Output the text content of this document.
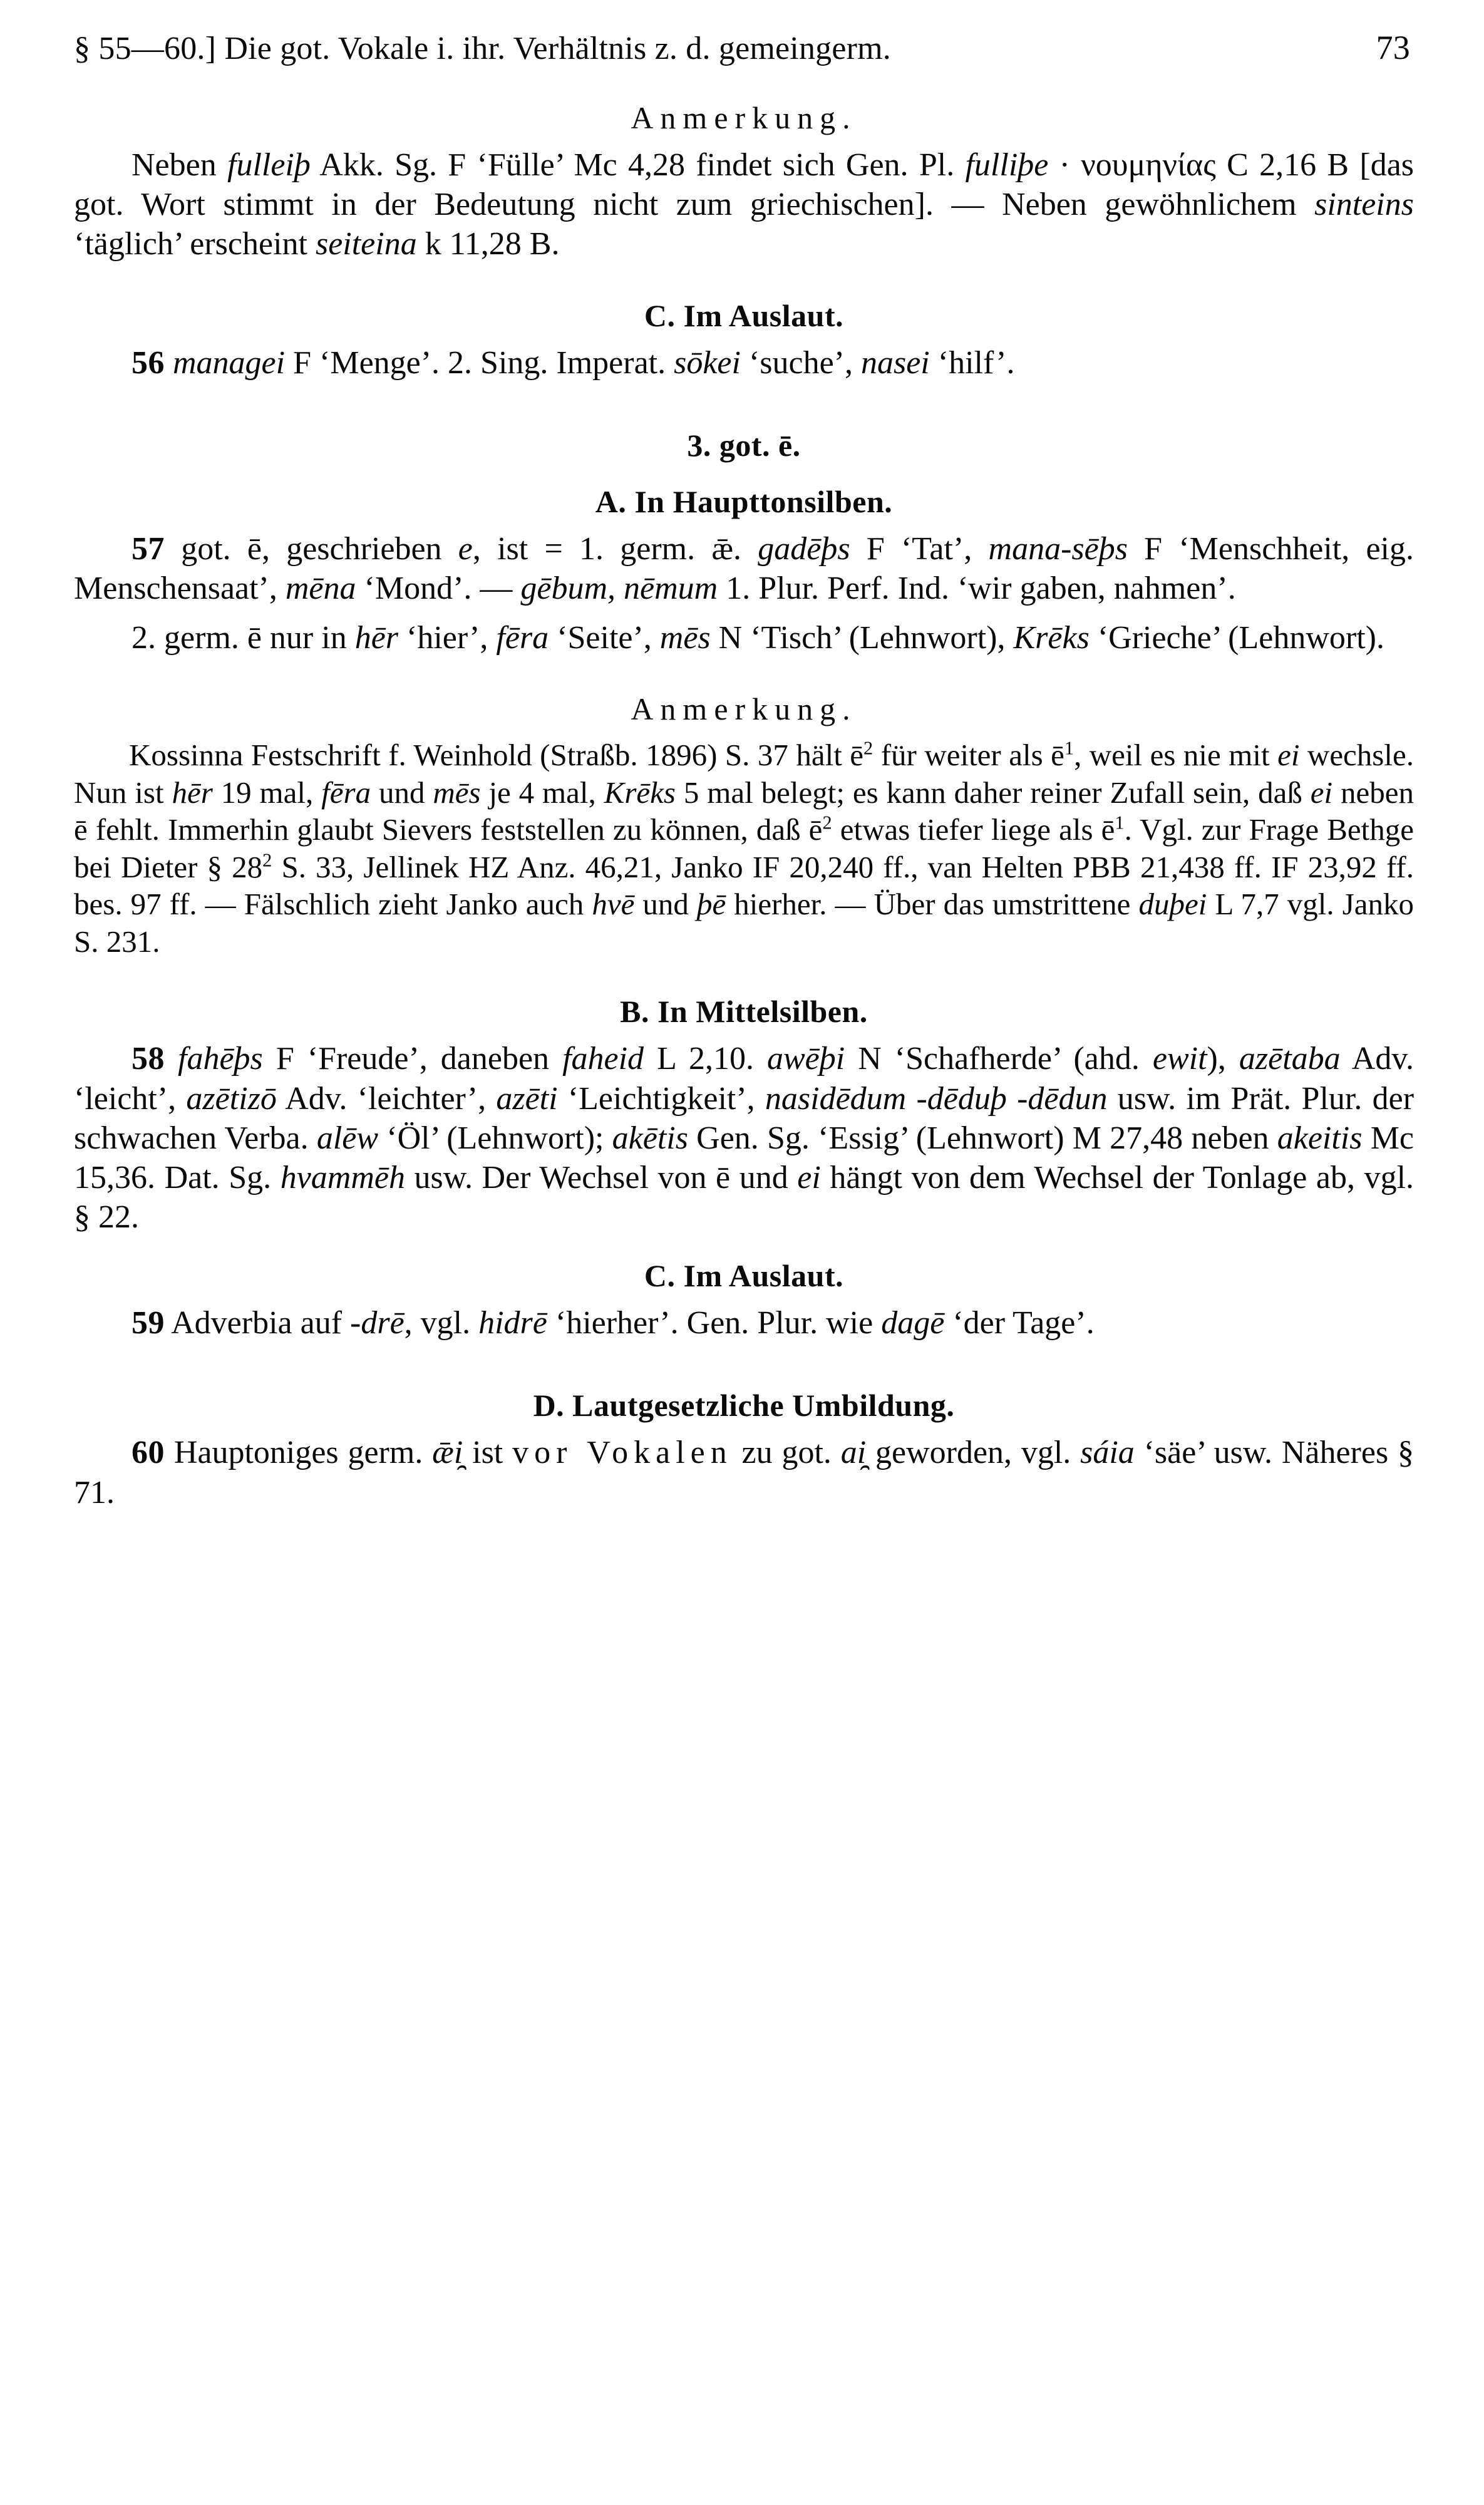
§ 55—60.] Die got. Vokale i. ihr. Verhältnis z. d. gemeingerm.	73
Anmerkung.

Neben fulleiþ Akk. Sg. F ‘Fülle’ Mc 4,28 findet sich Gen. Pl. fulliþe · νουμηνίας C 2,16 B [das got. Wort stimmt in der Bedeutung nicht zum griechischen]. — Neben gewöhnlichem sinteins ‘täglich’ erscheint seiteina k 11,28 B.

C. Im Auslaut.

56 managei F ‘Menge’. 2. Sing. Imperat. sōkei ‘suche’, nasei ‘hilf’.

3. got. ē.
A. In Haupttonsilben.

57 got. ē, geschrieben e, ist = 1. germ. ǣ. gadēþs F ‘Tat’, mana-sēþs F ‘Menschheit, eig. Menschensaat’, mēna ‘Mond’. — gēbum, nēmum 1. Plur. Perf. Ind. ‘wir gaben, nahmen’.

2. germ. ē nur in hēr ‘hier’, fēra ‘Seite’, mēs N ‘Tisch’ (Lehnwort), Krēks ‘Grieche’ (Lehnwort).

Anmerkung.

Kossinna Festschrift f. Weinhold (Straßb. 1896) S. 37 hält $ē^2$ für weiter als $ē^1$, weil es nie mit ei wechsle. Nun ist hēr 19 mal, fēra und mēs je 4 mal, Krēks 5 mal belegt; es kann daher reiner Zufall sein, daß ei neben ē fehlt. Immerhin glaubt Sievers feststellen zu können, daß $ē^2$ etwas tiefer liege als $ē^1$. Vgl. zur Frage Bethge bei Dieter § $28^2$ S. 33, Jellinek HZ Anz. 46,21, Janko IF 20,240 ff., van Helten PBB 21,438 ff. IF 23,92 ff. bes. 97 ff. — Fälschlich zieht Janko auch hvē und þē hierher. — Über das umstrittene duþei L 7,7 vgl. Janko S. 231.

B. In Mittelsilben.

58 fahēþs F ‘Freude’, daneben faheid L 2,10. awēþi N ‘Schafherde’ (ahd. ewit), azētaba Adv. ‘leicht’, azētizō Adv. ‘leichter’, azēti ‘Leichtigkeit’, nasidēdum -dēduþ -dēdun usw. im Prät. Plur. der schwachen Verba. alēw ‘Öl’ (Lehnwort); akētis Gen. Sg. ‘Essig’ (Lehnwort) M 27,48 neben akeitis Mc 15,36. Dat. Sg. hvammēh usw. Der Wechsel von ē und ei hängt von dem Wechsel der Tonlage ab, vgl. § 22.

C. Im Auslaut.

59 Adverbia auf -drē, vgl. hidrē ‘hierher’. Gen. Plur. wie dagē ‘der Tage’.

D. Lautgesetzliche Umbildung.

60 Hauptoniges germ. ǣi̯ ist vor Vokalen zu got. ai̯ geworden, vgl. sáia ‘säe’ usw. Näheres § 71.
